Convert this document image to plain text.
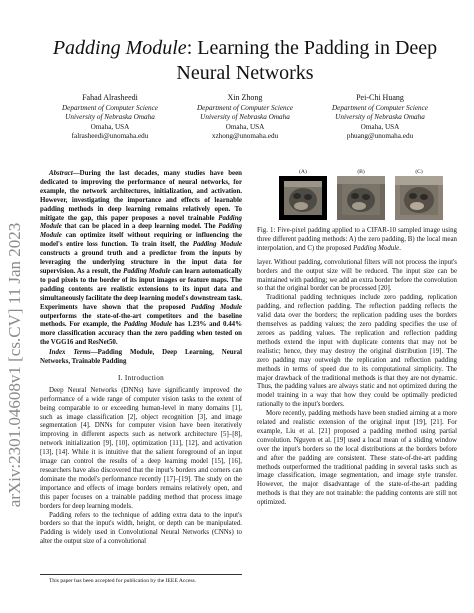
arXiv:2301.04608v1 [cs.CV] 11 Jan 2023
Padding Module: Learning the Padding in Deep Neural Networks
Fahad Alrasheedi
Department of Computer Science
University of Nebraska Omaha
Omaha, USA
falrasheedi@unomaha.edu
Xin Zhong
Department of Computer Science
University of Nebraska Omaha
Omaha, USA
xzhong@unomaha.edu
Pei-Chi Huang
Department of Computer Science
University of Nebraska Omaha
Omaha, USA
phuang@unomaha.edu

Abstract—During the last decades, many studies have been dedicated to improving the performance of neural networks, for example, the network architectures, initialization, and activation. However, investigating the importance and effects of learnable padding methods in deep learning remains relatively open. To mitigate the gap, this paper proposes a novel trainable Padding Module that can be placed in a deep learning model. The Padding Module can optimize itself without requiring or influencing the model's entire loss function. To train itself, the Padding Module constructs a ground truth and a predictor from the inputs by leveraging the underlying structure in the input data for supervision. As a result, the Padding Module can learn automatically to pad pixels to the border of its input images or feature maps. The padding contents are realistic extensions to its input data and simultaneously facilitate the deep learning model's downstream task. Experiments have shown that the proposed Padding Module outperforms the state-of-the-art competitors and the baseline methods. For example, the Padding Module has 1.23% and 0.44% more classification accuracy than the zero padding when tested on the VGG16 and ResNet50.

Index Terms—Padding Module, Deep Learning, Neural Networks, Trainable Padding

I. Introduction

Deep Neural Networks (DNNs) have significantly improved the performance of a wide range of computer vision tasks to the extent of being comparable to or exceeding human-level in many domains [1], such as image classification [2], object recognition [3], and image segmentation [4]. DNNs for computer vision have been iteratively improving in different aspects such as network architecture [5]–[8], network initialization [9], [10], optimization [11], [12], and activation [13], [14]. While it is intuitive that the salient foreground of an input image can control the results of a deep learning model [15], [16], researchers have also discovered that the input's borders and corners can dominate the model's performance recently [17]–[19]. The study on the importance and effects of image borders remains relatively open, and this paper focuses on a trainable padding method that process image borders for deep learning models.

Padding refers to the technique of adding extra data to the input's borders so that the input's width, height, or depth can be manipulated. Padding is widely used in Convolutional Neural Networks (CNNs) to alter the output size of a convolutional

This paper has been accepted for publication by the IEEE Access.
(A)	(B)	(C)
Fig. 1: Five-pixel padding applied to a CIFAR-10 sampled image using three different padding methods: A) the zero padding, B) the local mean interpolation, and C) the proposed Padding Module.

layer. Without padding, convolutional filters will not process the input's borders and the output size will be reduced. The input size can be maintained with padding; we add an extra border before the convolution so that the original border can be processed [20].

Traditional padding techniques include zero padding, replication padding, and reflection padding. The reflection padding reflects the valid data over the borders; the replication padding uses the borders themselves as padding values; the zero padding specifies the use of zeroes as padding values. The replication and reflection padding methods extend the input with duplicate contents that may not be realistic; hence, they may destroy the original distribution [19]. The zero padding may outweigh the replication and reflection padding methods in terms of speed due to its computational simplicity. The major drawback of the traditional methods is that they are not dynamic. Thus, the padding values are always static and not optimized during the model training in a way that how they could be optimally predicted rationally to the input's borders.

More recently, padding methods have been studied aiming at a more related and realistic extension of the original input [19], [21]. For example, Liu et al. [21] proposed a padding method using partial convolution. Nguyen et al. [19] used a local mean of a sliding window over the input's borders so the local distributions at the borders before and after the padding are consistent. These state-of-the-art padding methods outperformed the traditional padding in several tasks such as image classification, image segmentation, and image style transfer. However, the major disadvantage of the state-of-the-art padding methods is that they are not trainable: the padding contents are still not optimized.
